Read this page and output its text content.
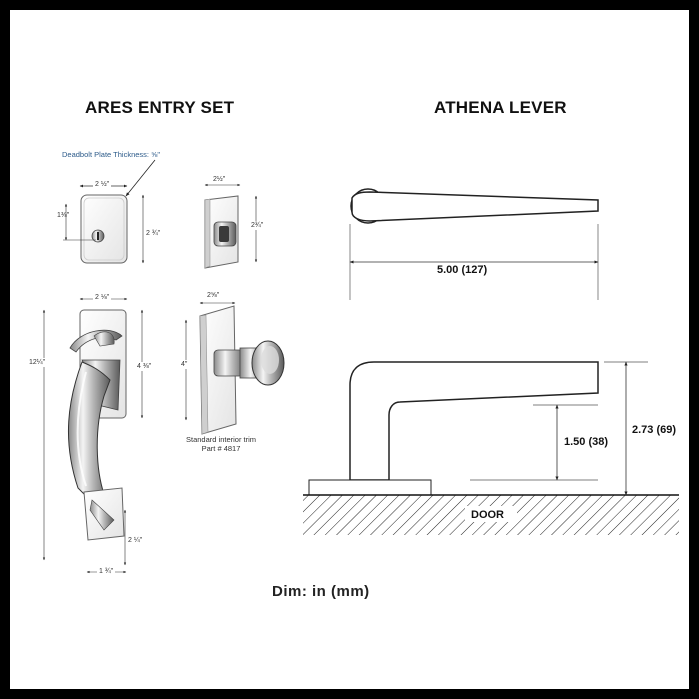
ARES ENTRY SET	ATHENA LEVER
Deadbolt Plate Thickness: ⅝"
2 ½"
1⅜"
2 ¾"
2½"
2¾"
2 ⅛"
12¼"
4 ⅜"
2 ¼"
1 ¾"
2⅝"
4"
Standard interior trim
Part # 4817
5.00 (127)
1.50 (38)
2.73 (69)
DOOR
Dim: in (mm)
